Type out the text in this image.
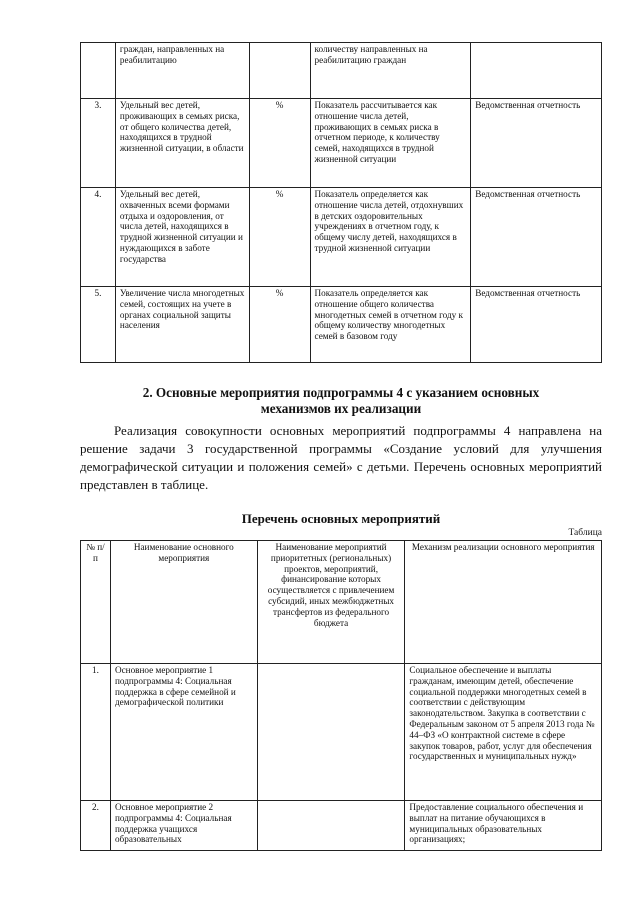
	граждан, направленных на реабилитацию		количеству направленных на реабилитацию граждан	
3.	Удельный вес детей, проживающих в семьях риска, от общего количества детей, находящихся в трудной жизненной ситуации, в области	%	Показатель рассчитывается как отношение числа детей, проживающих в семьях риска в отчетном периоде, к количеству семей, находящихся в трудной жизненной ситуации	Ведомственная отчетность
4.	Удельный вес детей, охваченных всеми формами отдыха и оздоровления, от числа детей, находящихся в трудной жизненной ситуации и нуждающихся в заботе государства	%	Показатель определяется как отношение числа детей, отдохнувших в детских оздоровительных учреждениях в отчетном году, к общему числу детей, находящихся в трудной жизненной ситуации	Ведомственная отчетность
5.	Увеличение числа многодетных семей, состоящих на учете в органах социальной защиты населения	%	Показатель определяется как отношение общего количества многодетных семей в отчетном году к общему количеству многодетных семей в базовом году	Ведомственная отчетность
2. Основные мероприятия подпрограммы 4 с указанием основных
механизмов их реализации
Реализация совокупности основных мероприятий подпрограммы 4 направлена на решение задачи 3 государственной программы «Создание условий для улучшения демографической ситуации и положения семей» с детьми. Перечень основных мероприятий представлен в таблице.
Перечень основных мероприятий
Таблица
№ п/п	Наименование основного мероприятия	Наименование мероприятий приоритетных (региональных) проектов, мероприятий, финансирование которых осуществляется с привлечением субсидий, иных межбюджетных трансфертов из федерального бюджета	Механизм реализации основного мероприятия
1.	Основное мероприятие 1 подпрограммы 4: Социальная поддержка в сфере семейной и демографической политики		Социальное обеспечение и выплаты гражданам, имеющим детей, обеспечение социальной поддержки многодетных семей в соответствии с действующим законодательством. Закупка в соответствии с Федеральным законом от 5 апреля 2013 года № 44–ФЗ «О контрактной системе в сфере закупок товаров, работ, услуг для обеспечения государственных и муниципальных нужд»
2.	Основное мероприятие 2 подпрограммы 4: Социальная поддержка учащихся образовательных		Предоставление социального обеспечения и выплат на питание обучающихся в муниципальных образовательных организациях;
